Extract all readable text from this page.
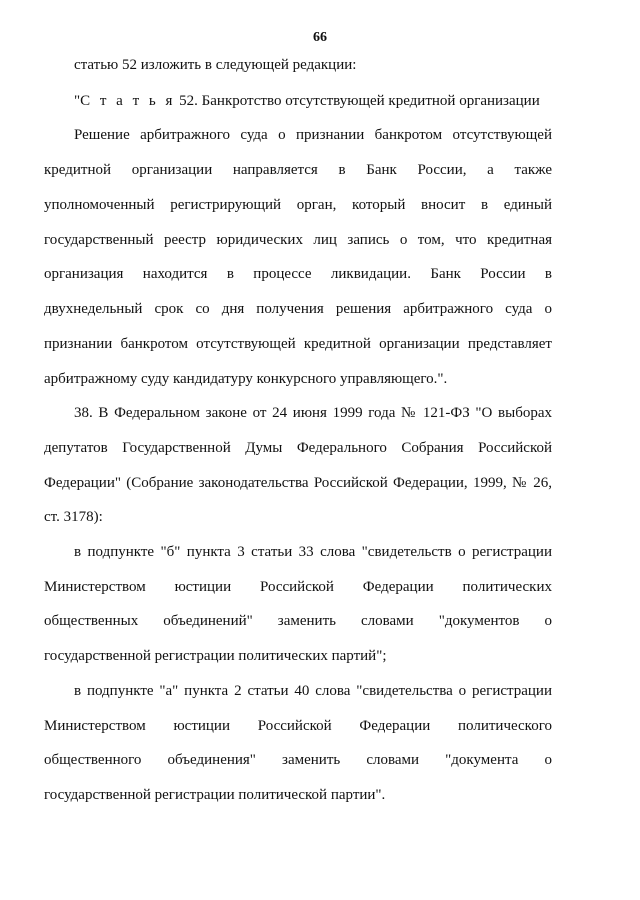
66
статью 52 изложить в следующей редакции:
"С т а т ь я 52. Банкротство отсутствующей кредитной организации
Решение арбитражного суда о признании банкротом отсутствующей
кредитной организации направляется в Банк России, а также
уполномоченный регистрирующий орган, который вносит в единый
государственный реестр юридических лиц запись о том, что кредитная
организация находится в процессе ликвидации. Банк России в
двухнедельный срок со дня получения решения арбитражного суда о
признании банкротом отсутствующей кредитной организации представляет
арбитражному суду кандидатуру конкурсного управляющего.".
38. В Федеральном законе от 24 июня 1999 года № 121-ФЗ "О выборах
депутатов Государственной Думы Федерального Собрания Российской
Федерации" (Собрание законодательства Российской Федерации, 1999, № 26,
ст. 3178):
в подпункте "б" пункта 3 статьи 33 слова "свидетельств о регистрации
Министерством юстиции Российской Федерации политических
общественных объединений" заменить словами "документов о
государственной регистрации политических партий";
в подпункте "а" пункта 2 статьи 40 слова "свидетельства о регистрации
Министерством юстиции Российской Федерации политического
общественного объединения" заменить словами "документа о
государственной регистрации политической партии".
